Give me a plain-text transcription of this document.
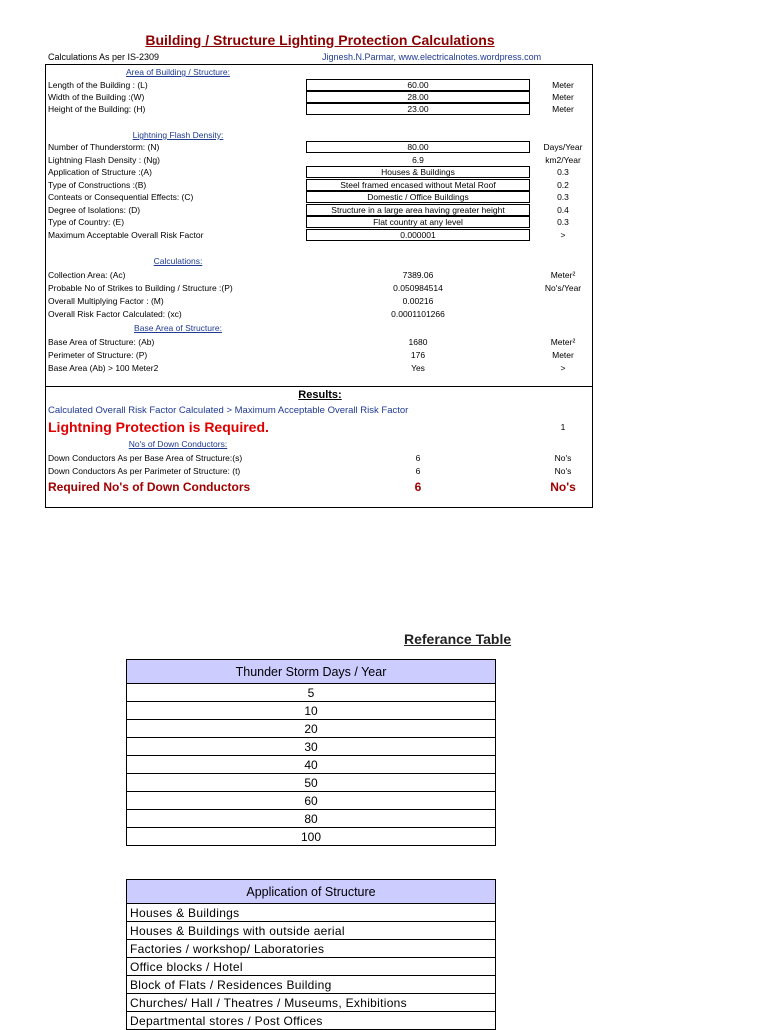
Building / Structure Lighting Protection Calculations
Calculations As per IS-2309	Jignesh.N.Parmar, www.electricalnotes.wordpress.com
Area of Building / Structure:
Length of the Building : (L)	60.00	Meter
Width of the Building :(W)	28.00	Meter
Height of the Building: (H)	23.00	Meter
Lightning Flash Density:
Number of Thunderstorm: (N)	80.00	Days/Year
Lightning Flash Density : (Ng)	6.9	km2/Year
Application of Structure :(A)	Houses & Buildings	0.3
Type of Constructions :(B)	Steel framed encased without Metal Roof	0.2
Conteats or Consequential Effects: (C)	Domestic / Office Buildings	0.3
Degree of Isolations: (D)	Structure in a large area having greater height	0.4
Type of Country: (E)	Flat country at any level	0.3
Maximum Acceptable Overall Risk Factor	0.000001	>
Calculations:
Collection Area: (Ac)	7389.06	Meter²
Probable No of Strikes to Building / Structure :(P)	0.050984514	No's/Year
Overall Multiplying Factor : (M)	0.00216
Overall Risk Factor Calculated: (xc)	0.0001101266
Base Area of Structure:
Base Area of Structure: (Ab)	1680	Meter²
Perimeter of Structure: (P)	176	Meter
Base Area (Ab) > 100 Meter2	Yes	>
Results:
Calculated Overall Risk Factor Calculated > Maximum Acceptable Overall Risk Factor
Lightning Protection is Required.	1
No's of Down Conductors:
Down Conductors As per Base Area of Structure:(s)	6	No's
Down Conductors As per Parimeter of Structure: (t)	6	No's
Required No's of Down Conductors	6	No's
Referance Table
Thunder Storm Days / Year
5
10
20
30
40
50
60
80
100
Application of Structure
Houses & Buildings
Houses & Buildings with outside aerial
Factories / workshop/ Laboratories
Office blocks / Hotel
Block of Flats / Residences Building
Churches/ Hall / Theatres / Museums, Exhibitions
Departmental stores / Post Offices
